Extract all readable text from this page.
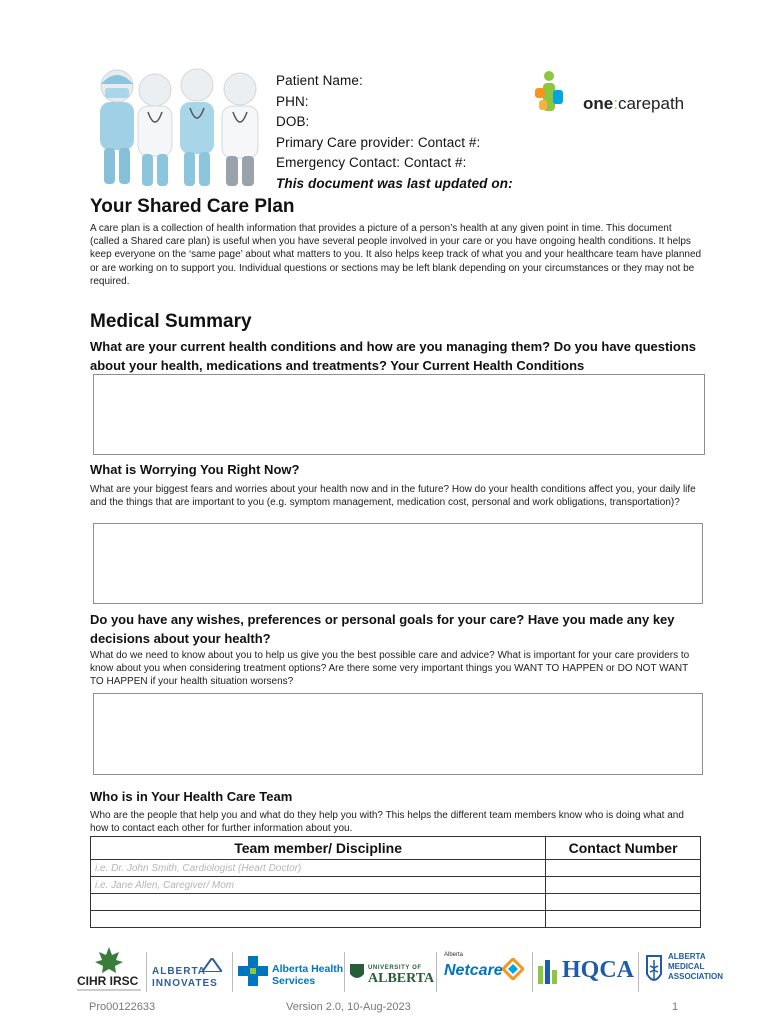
Patient Name:
PHN:
DOB:
Primary Care provider: Contact #:
Emergency Contact: Contact #:
This document was last updated on:
one:carepath
Your Shared Care Plan
A care plan is a collection of health information that provides a picture of a person’s health at any given point in time. This document (called a Shared care plan) is useful when you have several people involved in your care or you have ongoing health conditions. It helps keep everyone on the ‘same page’ about what matters to you. It also helps keep track of what you and your healthcare team have planned or are working on to support you. Individual questions or sections may be left blank depending on your circumstances or they may not be required.
Medical Summary
What are your current health conditions and how are you managing them? Do you have questions about your health, medications and treatments? Your Current Health Conditions
What is Worrying You Right Now?
What are your biggest fears and worries about your health now and in the future? How do your health conditions affect you, your daily life and the things that are important to you (e.g. symptom management, medication cost, personal and work obligations, transportation)?
Do you have any wishes, preferences or personal goals for your care? Have you made any key decisions about your health?
What do we need to know about you to help us give you the best possible care and advice? What is important for your care providers to know about you when considering treatment options? Are there some very important things you WANT TO HAPPEN or DO NOT WANT TO HAPPEN if your health situation worsens?
Who is in Your Health Care Team
Who are the people that help you and what do they help you with? This helps the different team members know who is doing what and how to contact each other for further information about you.
Team member/ Discipline	Contact Number
i.e. Dr. John Smith, Cardiologist (Heart Doctor)	
i.e. Jane Allen, Caregiver/ Mom	

CIHR IRSC
ALBERTA
INNOVATES
Alberta Health
Services
UNIVERSITY OF
ALBERTA
Alberta
Netcare HQCA
ALBERTA
MEDICAL
ASSOCIATION
Pro00122633	Version 2.0, 10-Aug-2023	1
